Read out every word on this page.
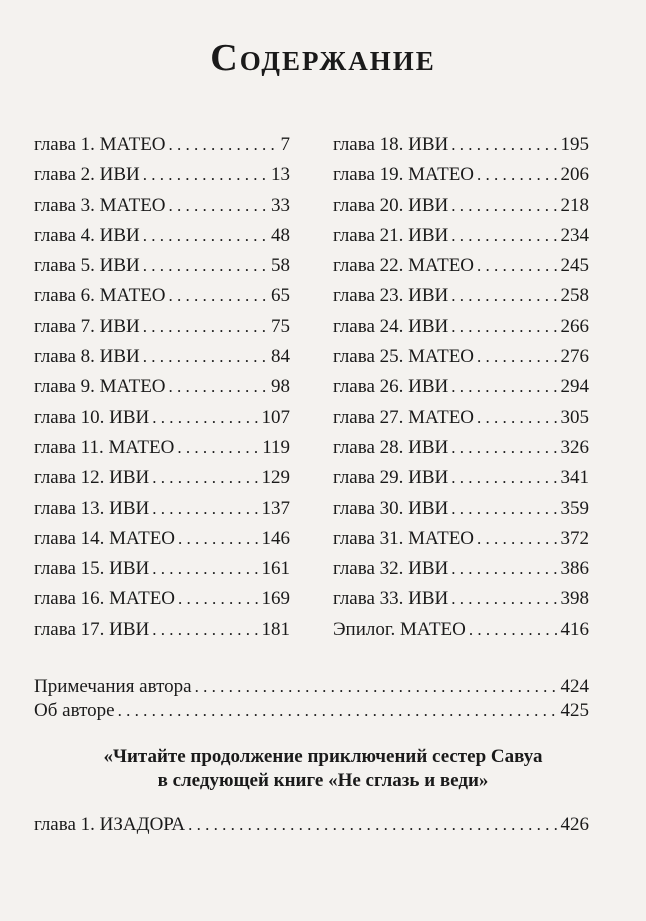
Содержание
глава 1. МАТЕО . . .	7
глава 2. ИВИ . . .	13
глава 3. МАТЕО . . .	33
глава 4. ИВИ . . .	48
глава 5. ИВИ . . .	58
глава 6. МАТЕО . . .	65
глава 7. ИВИ . . .	75
глава 8. ИВИ . . .	84
глава 9. МАТЕО . . .	98
глава 10. ИВИ . . .	107
глава 11. МАТЕО . . .	119
глава 12. ИВИ . . .	129
глава 13. ИВИ . . .	137
глава 14. МАТЕО . . .	146
глава 15. ИВИ . . .	161
глава 16. МАТЕО . . .	169
глава 17. ИВИ . . .	181
глава 18. ИВИ . . .	195
глава 19. МАТЕО . . .	206
глава 20. ИВИ . . .	218
глава 21. ИВИ . . .	234
глава 22. МАТЕО . . .	245
глава 23. ИВИ . . .	258
глава 24. ИВИ . . .	266
глава 25. МАТЕО . . .	276
глава 26. ИВИ . . .	294
глава 27. МАТЕО . . .	305
глава 28. ИВИ . . .	326
глава 29. ИВИ . . .	341
глава 30. ИВИ . . .	359
глава 31. МАТЕО . . .	372
глава 32. ИВИ . . .	386
глава 33. ИВИ . . .	398
Эпилог. МАТЕО . . .	416
Примечания автора . . .	424
Об авторе . . .	425
«Читайте продолжение приключений сестер Савуа
в следующей книге «Не сглазь и веди»
глава 1. ИЗАДОРА . . .	426
